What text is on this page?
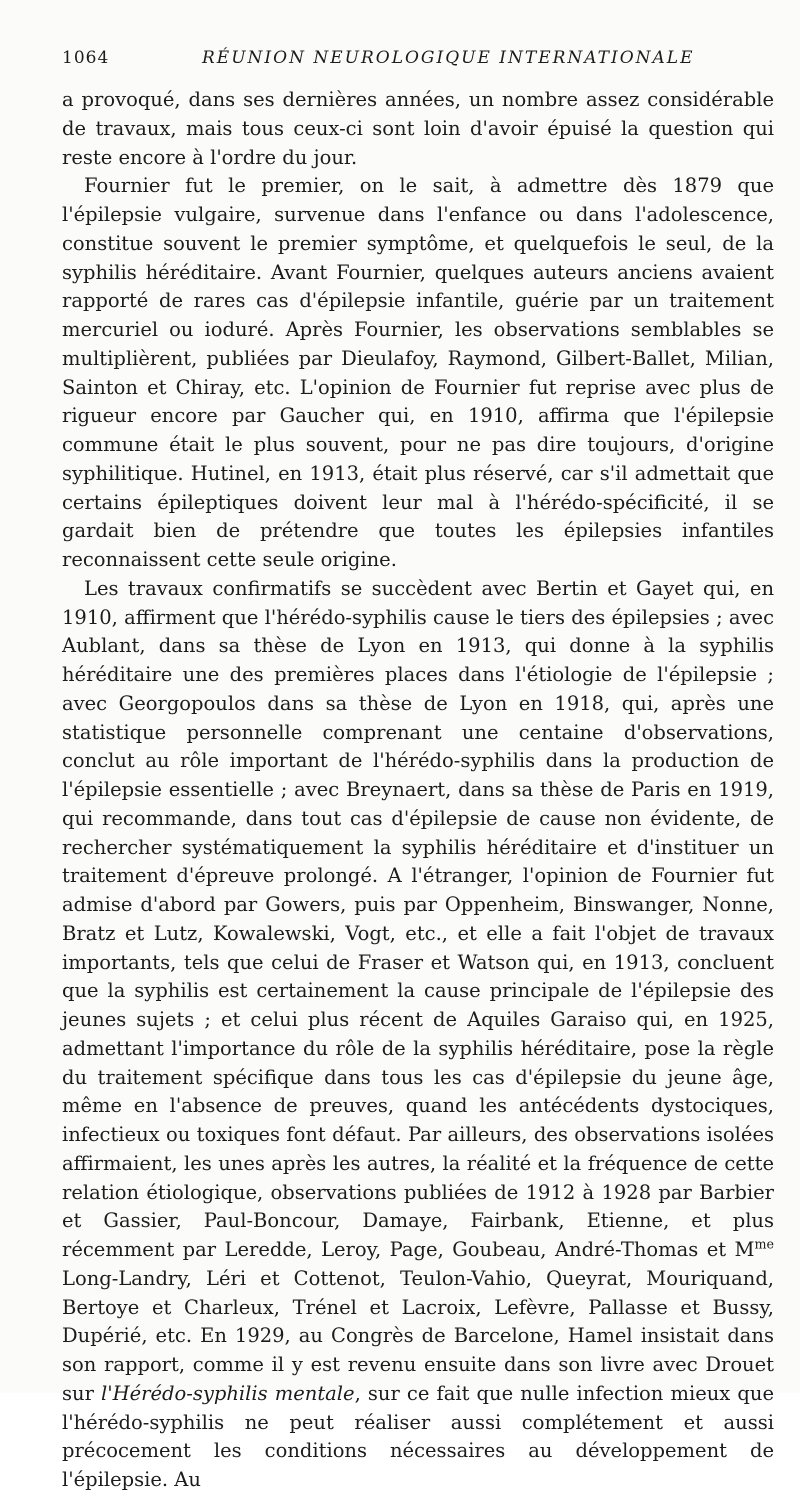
1064	RÉUNION NEUROLOGIQUE INTERNATIONALE

a provoqué, dans ses dernières années, un nombre assez considérable de travaux, mais tous ceux-ci sont loin d'avoir épuisé la question qui reste encore à l'ordre du jour.

Fournier fut le premier, on le sait, à admettre dès 1879 que l'épilepsie vulgaire, survenue dans l'enfance ou dans l'adolescence, constitue souvent le premier symptôme, et quelquefois le seul, de la syphilis héréditaire. Avant Fournier, quelques auteurs anciens avaient rapporté de rares cas d'épilepsie infantile, guérie par un traitement mercuriel ou ioduré. Après Fournier, les observations semblables se multiplièrent, publiées par Dieulafoy, Raymond, Gilbert-Ballet, Milian, Sainton et Chiray, etc. L'opinion de Fournier fut reprise avec plus de rigueur encore par Gaucher qui, en 1910, affirma que l'épilepsie commune était le plus souvent, pour ne pas dire toujours, d'origine syphilitique. Hutinel, en 1913, était plus réservé, car s'il admettait que certains épileptiques doivent leur mal à l'hérédo-spécificité, il se gardait bien de prétendre que toutes les épilepsies infantiles reconnaissent cette seule origine.

Les travaux confirmatifs se succèdent avec Bertin et Gayet qui, en 1910, affirment que l'hérédo-syphilis cause le tiers des épilepsies ; avec Aublant, dans sa thèse de Lyon en 1913, qui donne à la syphilis héréditaire une des premières places dans l'étiologie de l'épilepsie ; avec Georgopoulos dans sa thèse de Lyon en 1918, qui, après une statistique personnelle comprenant une centaine d'observations, conclut au rôle important de l'hérédo-syphilis dans la production de l'épilepsie essentielle ; avec Breynaert, dans sa thèse de Paris en 1919, qui recommande, dans tout cas d'épilepsie de cause non évidente, de rechercher systématiquement la syphilis héréditaire et d'instituer un traitement d'épreuve prolongé. A l'étranger, l'opinion de Fournier fut admise d'abord par Gowers, puis par Oppenheim, Binswanger, Nonne, Bratz et Lutz, Kowalewski, Vogt, etc., et elle a fait l'objet de travaux importants, tels que celui de Fraser et Watson qui, en 1913, concluent que la syphilis est certainement la cause principale de l'épilepsie des jeunes sujets ; et celui plus récent de Aquiles Garaiso qui, en 1925, admettant l'importance du rôle de la syphilis héréditaire, pose la règle du traitement spécifique dans tous les cas d'épilepsie du jeune âge, même en l'absence de preuves, quand les antécédents dystociques, infectieux ou toxiques font défaut. Par ailleurs, des observations isolées affirmaient, les unes après les autres, la réalité et la fréquence de cette relation étiologique, observations publiées de 1912 à 1928 par Barbier et Gassier, Paul-Boncour, Damaye, Fairbank, Etienne, et plus récemment par Leredde, Leroy, Page, Goubeau, André-Thomas et $M^{me}$ Long-Landry, Léri et Cottenot, Teulon-Vahio, Queyrat, Mouriquand, Bertoye et Charleux, Trénel et Lacroix, Lefèvre, Pallasse et Bussy, Dupérié, etc. En 1929, au Congrès de Barcelone, Hamel insistait dans son rapport, comme il y est revenu ensuite dans son livre avec Drouet sur l'Hérédo-syphilis mentale, sur ce fait que nulle infection mieux que l'hérédo-syphilis ne peut réaliser aussi complétement et aussi précocement les conditions nécessaires au développement de l'épilepsie. Au
